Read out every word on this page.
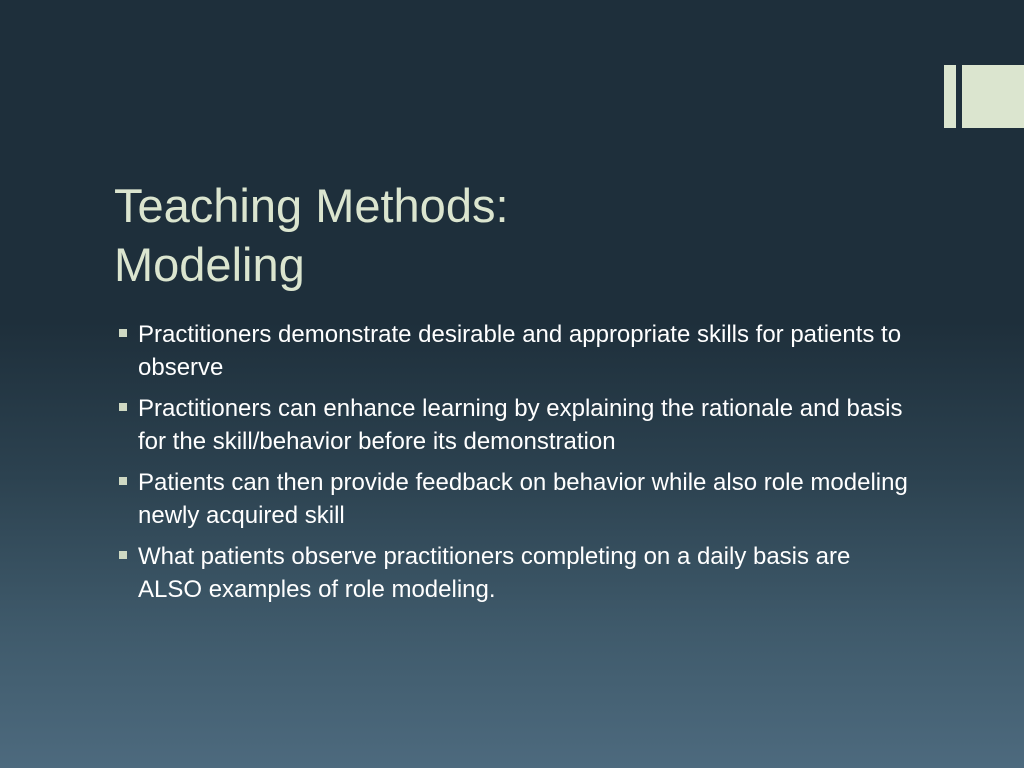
Teaching Methods:
Modeling
Practitioners demonstrate desirable and appropriate skills for patients to observe
Practitioners can enhance learning by explaining the rationale and basis for the skill/behavior before its demonstration
Patients can then provide feedback on behavior while also role modeling newly acquired skill
What patients observe practitioners completing on a daily basis are ALSO examples of role modeling.
